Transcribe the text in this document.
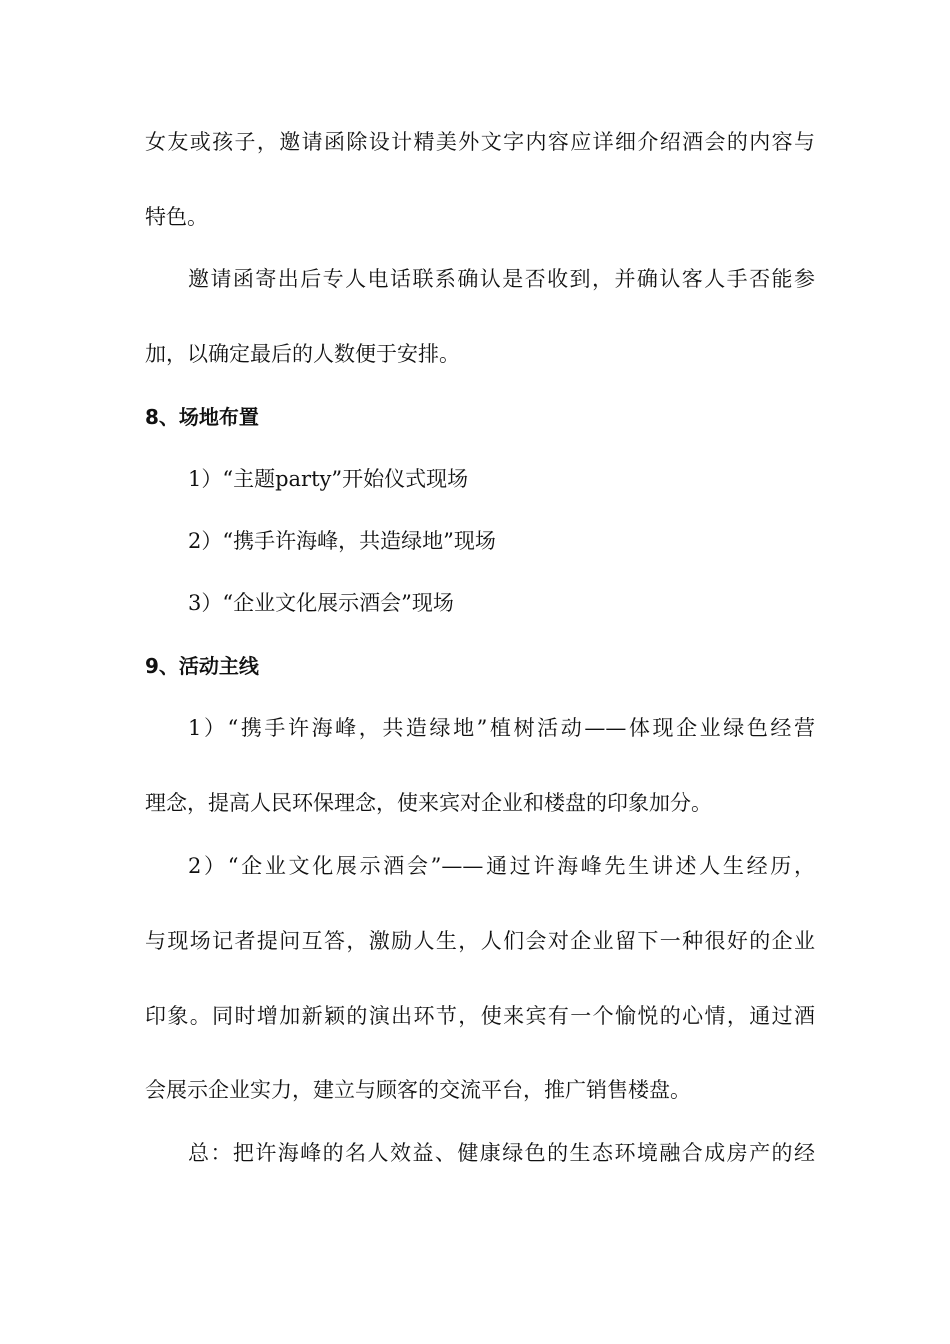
女友或孩子，邀请函除设计精美外文字内容应详细介绍酒会的内容与
特色。
邀请函寄出后专人电话联系确认是否收到，并确认客人手否能参
加，以确定最后的人数便于安排。
8、场地布置
1）“主题party”开始仪式现场
2）“携手许海峰，共造绿地”现场
3）“企业文化展示酒会”现场
9、活动主线
1）“携手许海峰，共造绿地”植树活动——体现企业绿色经营
理念，提高人民环保理念，使来宾对企业和楼盘的印象加分。
2）“企业文化展示酒会”——通过许海峰先生讲述人生经历，
与现场记者提问互答，激励人生，人们会对企业留下一种很好的企业
印象。同时增加新颖的演出环节，使来宾有一个愉悦的心情，通过酒
会展示企业实力，建立与顾客的交流平台，推广销售楼盘。
总：把许海峰的名人效益、健康绿色的生态环境融合成房产的经
